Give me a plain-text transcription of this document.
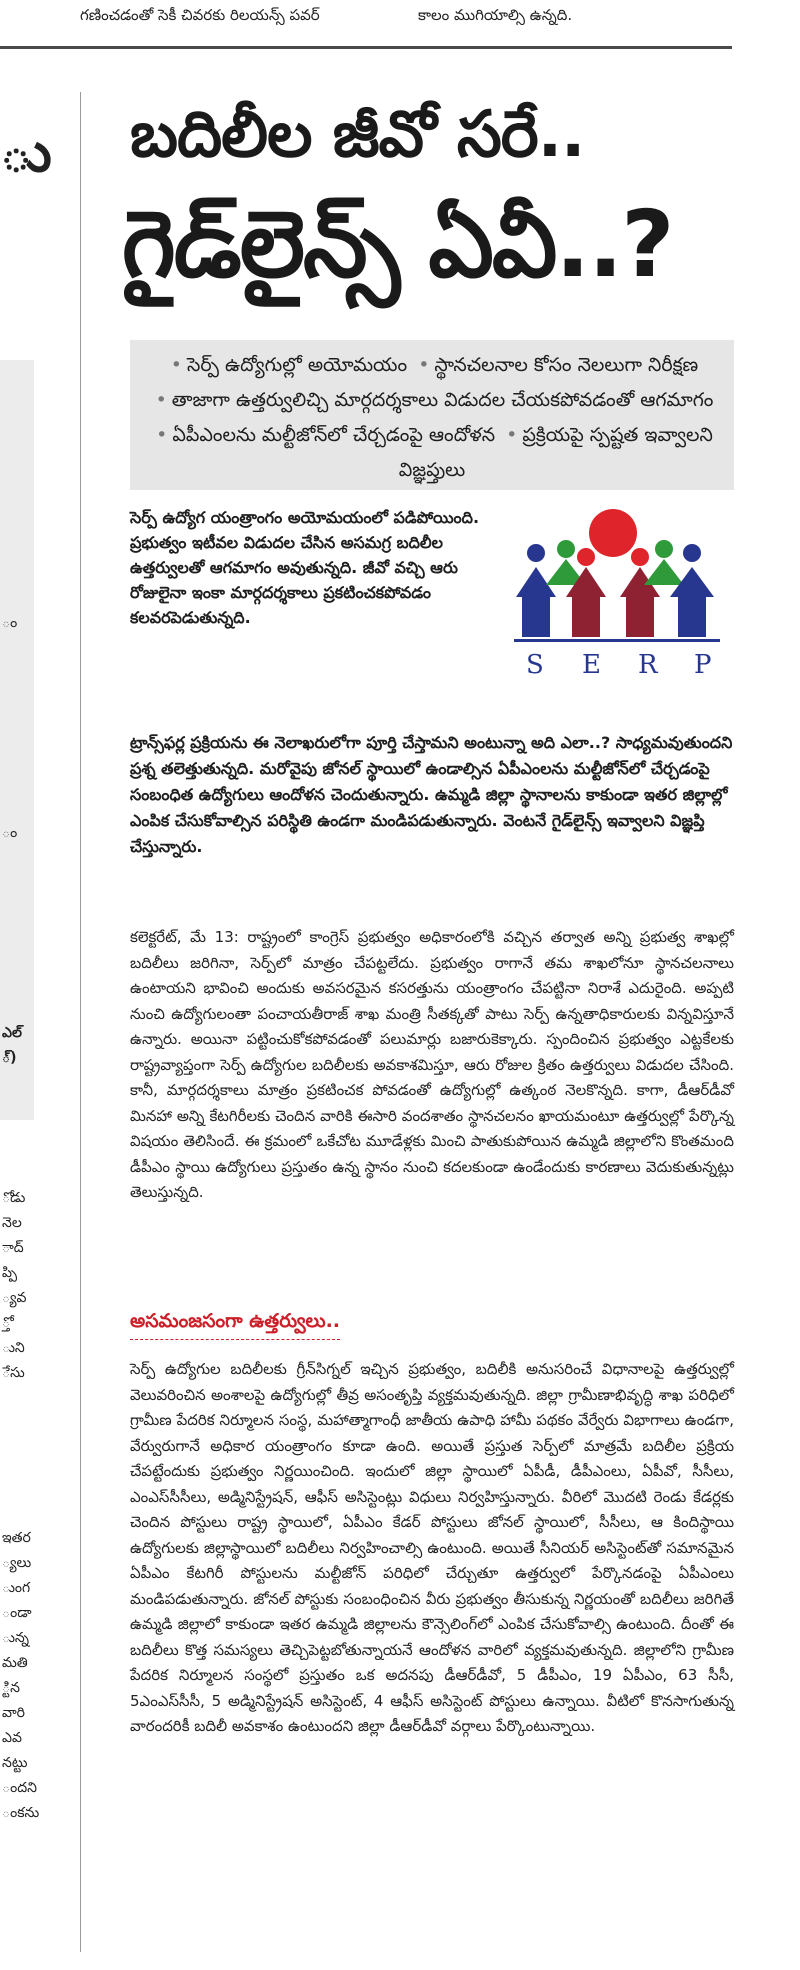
గణించడంతో సెకీ చివరకు రిలయన్స్ పవర్	కాలం ముగియాల్సి ఉన్నది.
ు
ం
ం
ఎల్
్)
ోడు
నెల
ాద్
ప్పి
్యవ
్తో
ుని
ేసు
ఇతర
్యలు
ుంగ
ండా
ున్న
మతి
్టిన
వారి
ఎవ
నట్టు
ందని
ంకను
బదిలీల జీవో సరే..
గైడ్‌లైన్స్ ఏవీ..?
• సెర్ప్ ఉద్యోగుల్లో అయోమయం • స్థానచలనాల కోసం నెలలుగా నిరీక్షణ • తాజాగా ఉత్తర్వులిచ్చి మార్గదర్శకాలు విడుదల చేయకపోవడంతో ఆగమాగం • ఏపీఎంలను మల్టీజోన్‌లో చేర్చడంపై ఆందోళన • ప్రక్రియపై స్పష్టత ఇవ్వాలని విజ్ఞప్తులు
సెర్ప్ ఉద్యోగ యంత్రాంగం అయోమయంలో పడిపోయింది. ప్రభుత్వం ఇటీవల విడుదల చేసిన అసమగ్ర బదిలీల ఉత్తర్వులతో ఆగమాగం అవుతున్నది. జీవో వచ్చి ఆరు రోజులైనా ఇంకా మార్గదర్శకాలు ప్రకటించకపోవడం కలవరపెడుతున్నది.
S E R P
ట్రాన్స్‌ఫర్ల ప్రక్రియను ఈ నెలాఖరులోగా పూర్తి చేస్తామని అంటున్నా అది ఎలా..? సాధ్యమవుతుందని ప్రశ్న తలెత్తుతున్నది. మరోవైపు జోనల్ స్థాయిలో ఉండాల్సిన ఏపీఎంలను మల్టీజోన్‌లో చేర్చడంపై సంబంధిత ఉద్యోగులు ఆందోళన చెందుతున్నారు. ఉమ్మడి జిల్లా స్థానాలను కాకుండా ఇతర జిల్లాల్లో ఎంపిక చేసుకోవాల్సిన పరిస్థితి ఉండగా మండిపడుతున్నారు. వెంటనే గైడ్‌లైన్స్ ఇవ్వాలని విజ్ఞప్తి చేస్తున్నారు.
కలెక్టరేట్, మే 13: రాష్ట్రంలో కాంగ్రెస్ ప్రభుత్వం అధికారంలోకి వచ్చిన తర్వాత అన్ని ప్రభుత్వ శాఖల్లో బదిలీలు జరిగినా, సెర్ప్‌లో మాత్రం చేపట్టలేదు. ప్రభుత్వం రాగానే తమ శాఖలోనూ స్థానచలనాలు ఉంటాయని భావించి అందుకు అవసరమైన కసరత్తును యంత్రాంగం చేపట్టినా నిరాశే ఎదురైంది. అప్పటి నుంచి ఉద్యోగులంతా పంచాయతీరాజ్ శాఖ మంత్రి సీతక్కతో పాటు సెర్ప్ ఉన్నతాధికారులకు విన్నవిస్తూనే ఉన్నారు. అయినా పట్టించుకోకపోవడంతో పలుమార్లు బజారుకెక్కారు. స్పందించిన ప్రభుత్వం ఎట్టకేలకు రాష్ట్రవ్యాప్తంగా సెర్ప్ ఉద్యోగుల బదిలీలకు అవకాశమిస్తూ, ఆరు రోజుల క్రితం ఉత్తర్వులు విడుదల చేసింది. కానీ, మార్గదర్శకాలు మాత్రం ప్రకటించక పోవడంతో ఉద్యోగుల్లో ఉత్కంఠ నెలకొన్నది. కాగా, డీఆర్‌డీవో మినహా అన్ని కేటగిరీలకు చెందిన వారికి ఈసారి వందశాతం స్థానచలనం ఖాయమంటూ ఉత్తర్వుల్లో పేర్కొన్న విషయం తెలిసిందే. ఈ క్రమంలో ఒకేచోట మూడేళ్లకు మించి పాతుకుపోయిన ఉమ్మడి జిల్లాలోని కొంతమంది డీపీఎం స్థాయి ఉద్యోగులు ప్రస్తుతం ఉన్న స్థానం నుంచి కదలకుండా ఉండేందుకు కారణాలు వెదుకుతున్నట్లు తెలుస్తున్నది.
అసమంజసంగా ఉత్తర్వులు..
సెర్ప్ ఉద్యోగుల బదిలీలకు గ్రీన్‌సిగ్నల్ ఇచ్చిన ప్రభుత్వం, బదిలీకి అనుసరించే విధానాలపై ఉత్తర్వుల్లో వెలువరించిన అంశాలపై ఉద్యోగుల్లో తీవ్ర అసంతృప్తి వ్యక్తమవుతున్నది. జిల్లా గ్రామీణాభివృద్ధి శాఖ పరిధిలో గ్రామీణ పేదరిక నిర్మూలన సంస్థ, మహాత్మాగాంధీ జాతీయ ఉపాధి హామీ పథకం వేర్వేరు విభాగాలు ఉండగా, వేర్వురుగానే అధికార యంత్రాంగం కూడా ఉంది. అయితే ప్రస్తుత సెర్ప్‌లో మాత్రమే బదిలీల ప్రక్రియ చేపట్టేందుకు ప్రభుత్వం నిర్ణయించింది. ఇందులో జిల్లా స్థాయిలో ఏపీడీ, డీపీఎంలు, ఏపీవో, సీసీలు, ఎంఎస్‌సీసీలు, అడ్మినిస్ట్రేషన్, ఆఫీస్ అసిస్టెంట్లు విధులు నిర్వహిస్తున్నారు. వీరిలో మొదటి రెండు కేడర్లకు చెందిన పోస్టులు రాష్ట్ర స్థాయిలో, ఏపీఎం కేడర్ పోస్టులు జోనల్ స్థాయిలో, సీసీలు, ఆ కిందిస్థాయి ఉద్యోగులకు జిల్లాస్థాయిలో బదిలీలు నిర్వహించాల్సి ఉంటుంది. అయితే సీనియర్ అసిస్టెంట్‌తో సమానమైన ఏపీఎం కేటగిరీ పోస్టులను మల్టీజోన్ పరిధిలో చేర్చుతూ ఉత్తర్వులో పేర్కొనడంపై ఏపీఎంలు మండిపడుతున్నారు. జోనల్ పోస్టుకు సంబంధించిన వీరు ప్రభుత్వం తీసుకున్న నిర్ణయంతో బదిలీలు జరిగితే ఉమ్మడి జిల్లాలో కాకుండా ఇతర ఉమ్మడి జిల్లాలను కౌన్సెలింగ్‌లో ఎంపిక చేసుకోవాల్సి ఉంటుంది. దీంతో ఈ బదిలీలు కొత్త సమస్యలు తెచ్చిపెట్టబోతున్నాయనే ఆందోళన వారిలో వ్యక్తమవుతున్నది. జిల్లాలోని గ్రామీణ పేదరిక నిర్మూలన సంస్థలో ప్రస్తుతం ఒక అదనపు డీఆర్‌డీవో, 5 డీపీఎం, 19 ఏపీఎం, 63 సీసీ, 5ఎంఎస్‌సీసీ, 5 అడ్మినిస్ట్రేషన్ అసిస్టెంట్, 4 ఆఫీస్ అసిస్టెంట్ పోస్టులు ఉన్నాయి. వీటిలో కొనసాగుతున్న వారందరికీ బదిలీ అవకాశం ఉంటుందని జిల్లా డీఆర్‌డీవో వర్గాలు పేర్కొంటున్నాయి.
